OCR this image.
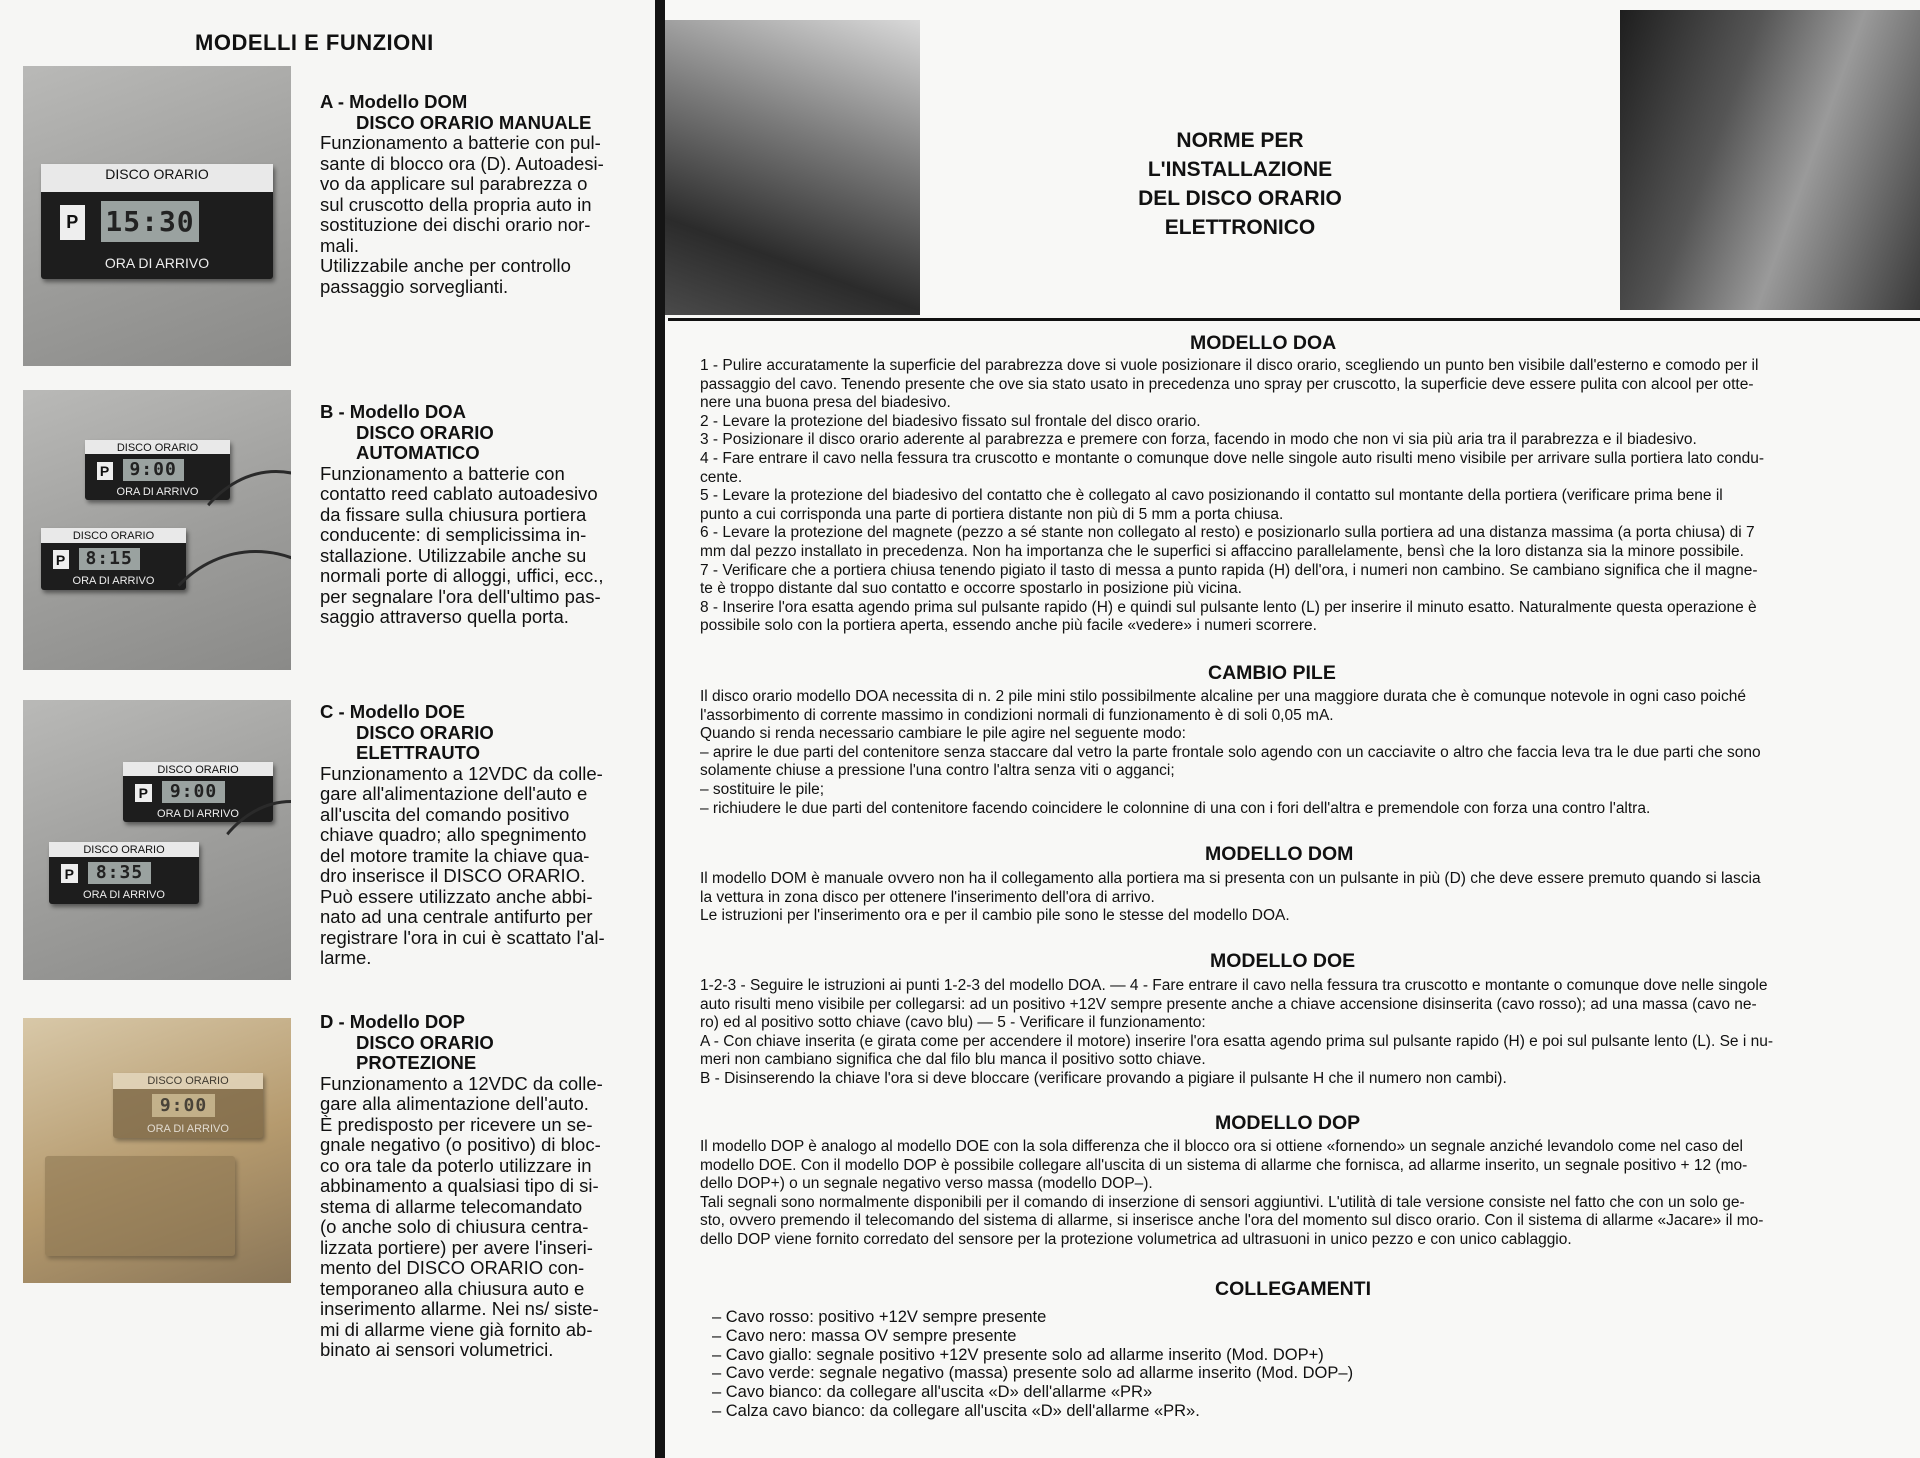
MODELLI E FUNZIONI
DISCO ORARIO
P 15:30
ORA DI ARRIVO
A - Modello DOM
DISCO ORARIO MANUALE
Funzionamento a batterie con pul-
sante di blocco ora (D). Autoadesi-
vo da applicare sul parabrezza o
sul cruscotto della propria auto in
sostituzione dei dischi orario nor-
mali.
Utilizzabile anche per controllo
passaggio sorveglianti.
DISCO ORARIO
P	9:00
ORA DI ARRIVO
DISCO ORARIO
P	8:15
ORA DI ARRIVO
B - Modello DOA
DISCO ORARIO
AUTOMATICO
Funzionamento a batterie con
contatto reed cablato autoadesivo
da fissare sulla chiusura portiera
conducente: di semplicissima in-
stallazione. Utilizzabile anche su
normali porte di alloggi, uffici, ecc.,
per segnalare l'ora dell'ultimo pas-
saggio attraverso quella porta.
DISCO ORARIO
P	9:00
ORA DI ARRIVO
DISCO ORARIO
P	8:35
ORA DI ARRIVO
C - Modello DOE
DISCO ORARIO
ELETTRAUTO
Funzionamento a 12VDC da colle-
gare all'alimentazione dell'auto e
all'uscita del comando positivo
chiave quadro; allo spegnimento
del motore tramite la chiave qua-
dro inserisce il DISCO ORARIO.
Può essere utilizzato anche abbi-
nato ad una centrale antifurto per
registrare l'ora in cui è scattato l'al-
larme.
DISCO ORARIO
9:00
ORA DI ARRIVO
D - Modello DOP
DISCO ORARIO
PROTEZIONE
Funzionamento a 12VDC da colle-
gare alla alimentazione dell'auto.
È predisposto per ricevere un se-
gnale negativo (o positivo) di bloc-
co ora tale da poterlo utilizzare in
abbinamento a qualsiasi tipo di si-
stema di allarme telecomandato
(o anche solo di chiusura centra-
lizzata portiere) per avere l'inseri-
mento del DISCO ORARIO con-
temporaneo alla chiusura auto e
inserimento allarme. Nei ns/ siste-
mi di allarme viene già fornito ab-
binato ai sensori volumetrici.
NORME PER L'INSTALLAZIONE
DEL DISCO ORARIO
ELETTRONICO
MODELLO DOA

1 - Pulire accuratamente la superficie del parabrezza dove si vuole posizionare il disco orario, scegliendo un punto ben visibile dall'esterno e comodo per il

passaggio del cavo. Tenendo presente che ove sia stato usato in precedenza uno spray per cruscotto, la superficie deve essere pulita con alcool per otte-

nere una buona presa del biadesivo.

2 - Levare la protezione del biadesivo fissato sul frontale del disco orario.

3 - Posizionare il disco orario aderente al parabrezza e premere con forza, facendo in modo che non vi sia più aria tra il parabrezza e il biadesivo.

4 - Fare entrare il cavo nella fessura tra cruscotto e montante o comunque dove nelle singole auto risulti meno visibile per arrivare sulla portiera lato condu-

cente.

5 - Levare la protezione del biadesivo del contatto che è collegato al cavo posizionando il contatto sul montante della portiera (verificare prima bene il

punto a cui corrisponda una parte di portiera distante non più di 5 mm a porta chiusa.

6 - Levare la protezione del magnete (pezzo a sé stante non collegato al resto) e posizionarlo sulla portiera ad una distanza massima (a porta chiusa) di 7

mm dal pezzo installato in precedenza. Non ha importanza che le superfici si affaccino parallelamente, bensì che la loro distanza sia la minore possibile.

7 - Verificare che a portiera chiusa tenendo pigiato il tasto di messa a punto rapida (H) dell'ora, i numeri non cambino. Se cambiano significa che il magne-

te è troppo distante dal suo contatto e occorre spostarlo in posizione più vicina.

8 - Inserire l'ora esatta agendo prima sul pulsante rapido (H) e quindi sul pulsante lento (L) per inserire il minuto esatto. Naturalmente questa operazione è

possibile solo con la portiera aperta, essendo anche più facile «vedere» i numeri scorrere.

CAMBIO PILE

Il disco orario modello DOA necessita di n. 2 pile mini stilo possibilmente alcaline per una maggiore durata che è comunque notevole in ogni caso poiché

l'assorbimento di corrente massimo in condizioni normali di funzionamento è di soli 0,05 mA.

Quando si renda necessario cambiare le pile agire nel seguente modo:

– aprire le due parti del contenitore senza staccare dal vetro la parte frontale solo agendo con un cacciavite o altro che faccia leva tra le due parti che sono

solamente chiuse a pressione l'una contro l'altra senza viti o agganci;

– sostituire le pile;

– richiudere le due parti del contenitore facendo coincidere le colonnine di una con i fori dell'altra e premendole con forza una contro l'altra.

MODELLO DOM

Il modello DOM è manuale ovvero non ha il collegamento alla portiera ma si presenta con un pulsante in più (D) che deve essere premuto quando si lascia

la vettura in zona disco per ottenere l'inserimento dell'ora di arrivo.

Le istruzioni per l'inserimento ora e per il cambio pile sono le stesse del modello DOA.

MODELLO DOE

1-2-3 - Seguire le istruzioni ai punti 1-2-3 del modello DOA. — 4 - Fare entrare il cavo nella fessura tra cruscotto e montante o comunque dove nelle singole

auto risulti meno visibile per collegarsi: ad un positivo +12V sempre presente anche a chiave accensione disinserita (cavo rosso); ad una massa (cavo ne-

ro) ed al positivo sotto chiave (cavo blu) — 5 - Verificare il funzionamento:

A - Con chiave inserita (e girata come per accendere il motore) inserire l'ora esatta agendo prima sul pulsante rapido (H) e poi sul pulsante lento (L). Se i nu-

meri non cambiano significa che dal filo blu manca il positivo sotto chiave.

B - Disinserendo la chiave l'ora si deve bloccare (verificare provando a pigiare il pulsante H che il numero non cambi).

MODELLO DOP

Il modello DOP è analogo al modello DOE con la sola differenza che il blocco ora si ottiene «fornendo» un segnale anziché levandolo come nel caso del

modello DOE. Con il modello DOP è possibile collegare all'uscita di un sistema di allarme che fornisca, ad allarme inserito, un segnale positivo + 12 (mo-

dello DOP+) o un segnale negativo verso massa (modello DOP–).

Tali segnali sono normalmente disponibili per il comando di inserzione di sensori aggiuntivi. L'utilità di tale versione consiste nel fatto che con un solo ge-

sto, ovvero premendo il telecomando del sistema di allarme, si inserisce anche l'ora del momento sul disco orario. Con il sistema di allarme «Jacare» il mo-

dello DOP viene fornito corredato del sensore per la protezione volumetrica ad ultrasuoni in unico pezzo e con unico cablaggio.

COLLEGAMENTI

– Cavo rosso: positivo +12V sempre presente

– Cavo nero: massa OV sempre presente

– Cavo giallo: segnale positivo +12V presente solo ad allarme inserito (Mod. DOP+)

– Cavo verde: segnale negativo (massa) presente solo ad allarme inserito (Mod. DOP–)

– Cavo bianco: da collegare all'uscita «D» dell'allarme «PR»

– Calza cavo bianco: da collegare all'uscita «D» dell'allarme «PR».
